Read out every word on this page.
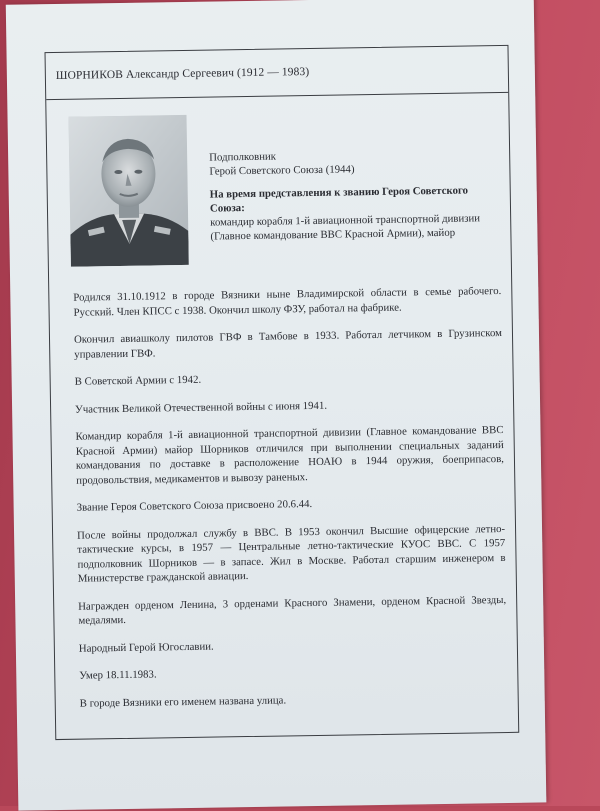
ШОРНИКОВ Александр Сергеевич (1912 — 1983)
Подполковник
Герой Советского Союза (1944)
На время представления к званию Героя Советского Союза:
командир корабля 1-й авиационной транспортной дивизии (Главное командование ВВС Красной Армии), майор

Родился 31.10.1912 в городе Вязники ныне Владимирской области в семье рабочего. Русский. Член КПСС с 1938. Окончил школу ФЗУ, работал на фабрике.

Окончил авиашколу пилотов ГВФ в Тамбове в 1933. Работал летчиком в Грузинском управлении ГВФ.

В Советской Армии с 1942.

Участник Великой Отечественной войны с июня 1941.

Командир корабля 1-й авиационной транспортной дивизии (Главное командование ВВС Красной Армии) майор Шорников отличился при выполнении специальных заданий командования по доставке в расположение НОАЮ в 1944 оружия, боеприпасов, продовольствия, медикаментов и вывозу раненых.

Звание Героя Советского Союза присвоено 20.6.44.

После войны продолжал службу в ВВС. В 1953 окончил Высшие офицерские летно-тактические курсы, в 1957 — Центральные летно-тактические КУОС ВВС. С 1957 подполковник Шорников — в запасе. Жил в Москве. Работал старшим инженером в Министерстве гражданской авиации.

Награжден орденом Ленина, 3 орденами Красного Знамени, орденом Красной Звезды, медалями.

Народный Герой Югославии.

Умер 18.11.1983.

В городе Вязники его именем названа улица.
